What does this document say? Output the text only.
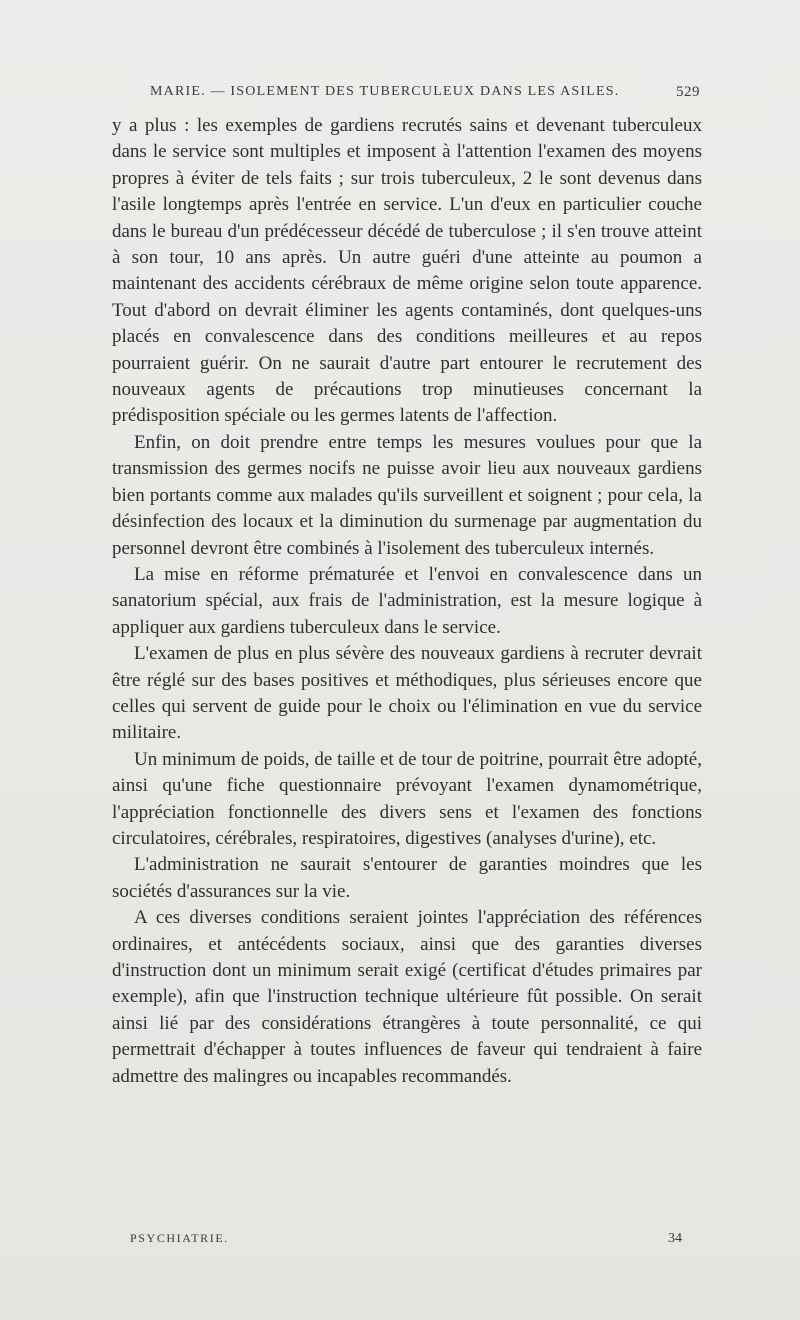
MARIE. — ISOLEMENT DES TUBERCULEUX DANS LES ASILES.	529

y a plus : les exemples de gardiens recrutés sains et devenant tuberculeux dans le service sont multiples et imposent à l'attention l'examen des moyens propres à éviter de tels faits ; sur trois tuberculeux, 2 le sont devenus dans l'asile longtemps après l'entrée en service. L'un d'eux en particulier couche dans le bureau d'un prédécesseur décédé de tuberculose ; il s'en trouve atteint à son tour, 10 ans après. Un autre guéri d'une atteinte au poumon a maintenant des accidents cérébraux de même origine selon toute apparence. Tout d'abord on devrait éliminer les agents contaminés, dont quelques-uns placés en convalescence dans des conditions meilleures et au repos pourraient guérir. On ne saurait d'autre part entourer le recrutement des nouveaux agents de précautions trop minutieuses concernant la prédisposition spéciale ou les germes latents de l'affection.

Enfin, on doit prendre entre temps les mesures voulues pour que la transmission des germes nocifs ne puisse avoir lieu aux nouveaux gardiens bien portants comme aux malades qu'ils surveillent et soignent ; pour cela, la désinfection des locaux et la diminution du surmenage par augmentation du personnel devront être combinés à l'isolement des tuberculeux internés.

La mise en réforme prématurée et l'envoi en convalescence dans un sanatorium spécial, aux frais de l'administration, est la mesure logique à appliquer aux gardiens tuberculeux dans le service.

L'examen de plus en plus sévère des nouveaux gardiens à recruter devrait être réglé sur des bases positives et méthodiques, plus sérieuses encore que celles qui servent de guide pour le choix ou l'élimination en vue du service militaire.

Un minimum de poids, de taille et de tour de poitrine, pourrait être adopté, ainsi qu'une fiche questionnaire prévoyant l'examen dynamométrique, l'appréciation fonctionnelle des divers sens et l'examen des fonctions circulatoires, cérébrales, respiratoires, digestives (analyses d'urine), etc.

L'administration ne saurait s'entourer de garanties moindres que les sociétés d'assurances sur la vie.

A ces diverses conditions seraient jointes l'appréciation des références ordinaires, et antécédents sociaux, ainsi que des garanties diverses d'instruction dont un minimum serait exigé (certificat d'études primaires par exemple), afin que l'instruction technique ultérieure fût possible. On serait ainsi lié par des considérations étrangères à toute personnalité, ce qui permettrait d'échapper à toutes influences de faveur qui tendraient à faire admettre des malingres ou incapables recommandés.

PSYCHIATRIE.	34
